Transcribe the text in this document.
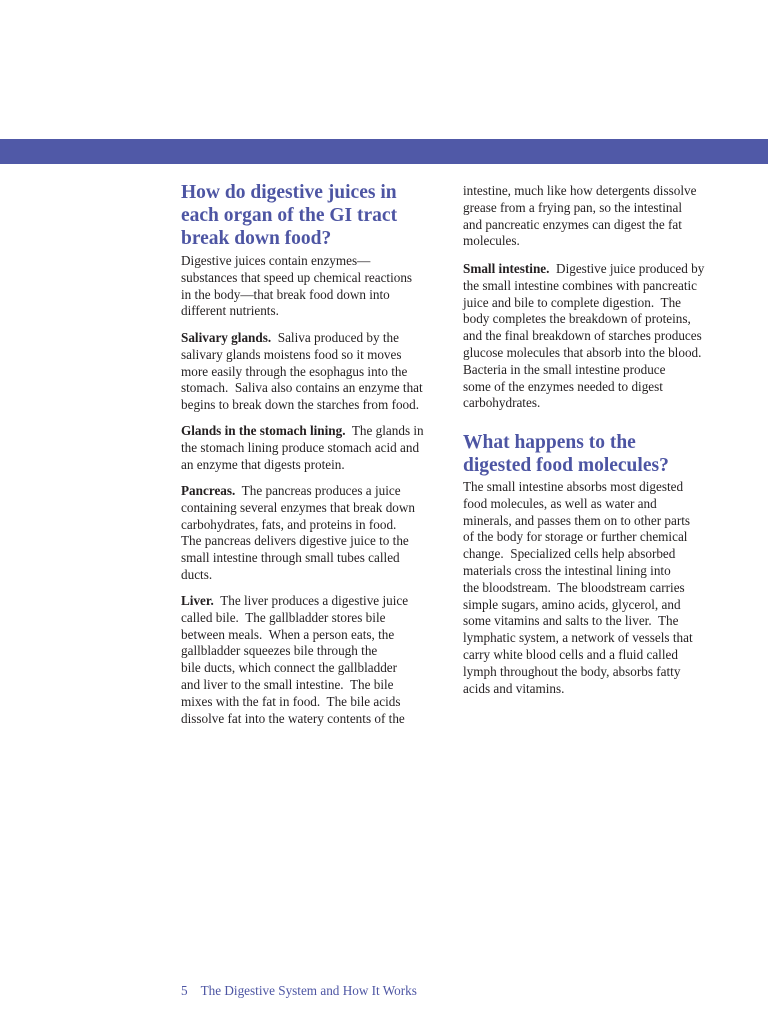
How do digestive juices in
each organ of the GI tract
break down food?

Digestive juices contain enzymes—
substances that speed up chemical reactions
in the body—that break food down into
different nutrients.

Salivary glands.  Saliva produced by the
salivary glands moistens food so it moves
more easily through the esophagus into the
stomach.  Saliva also contains an enzyme that
begins to break down the starches from food.

Glands in the stomach lining.  The glands in
the stomach lining produce stomach acid and
an enzyme that digests protein.

Pancreas.  The pancreas produces a juice
containing several enzymes that break down
carbohydrates, fats, and proteins in food.
The pancreas delivers digestive juice to the
small intestine through small tubes called
ducts.

Liver.  The liver produces a digestive juice
called bile.  The gallbladder stores bile
between meals.  When a person eats, the
gallbladder squeezes bile through the
bile ducts, which connect the gallbladder
and liver to the small intestine.  The bile
mixes with the fat in food.  The bile acids
dissolve fat into the watery contents of the

intestine, much like how detergents dissolve
grease from a frying pan, so the intestinal
and pancreatic enzymes can digest the fat
molecules.

Small intestine.  Digestive juice produced by
the small intestine combines with pancreatic
juice and bile to complete digestion.  The
body completes the breakdown of proteins,
and the final breakdown of starches produces
glucose molecules that absorb into the blood.
Bacteria in the small intestine produce
some of the enzymes needed to digest
carbohydrates.

What happens to the
digested food molecules?

The small intestine absorbs most digested
food molecules, as well as water and
minerals, and passes them on to other parts
of the body for storage or further chemical
change.  Specialized cells help absorbed
materials cross the intestinal lining into
the bloodstream.  The bloodstream carries
simple sugars, amino acids, glycerol, and
some vitamins and salts to the liver.  The
lymphatic system, a network of vessels that
carry white blood cells and a fluid called
lymph throughout the body, absorbs fatty
acids and vitamins.

5 The Digestive System and How It Works
